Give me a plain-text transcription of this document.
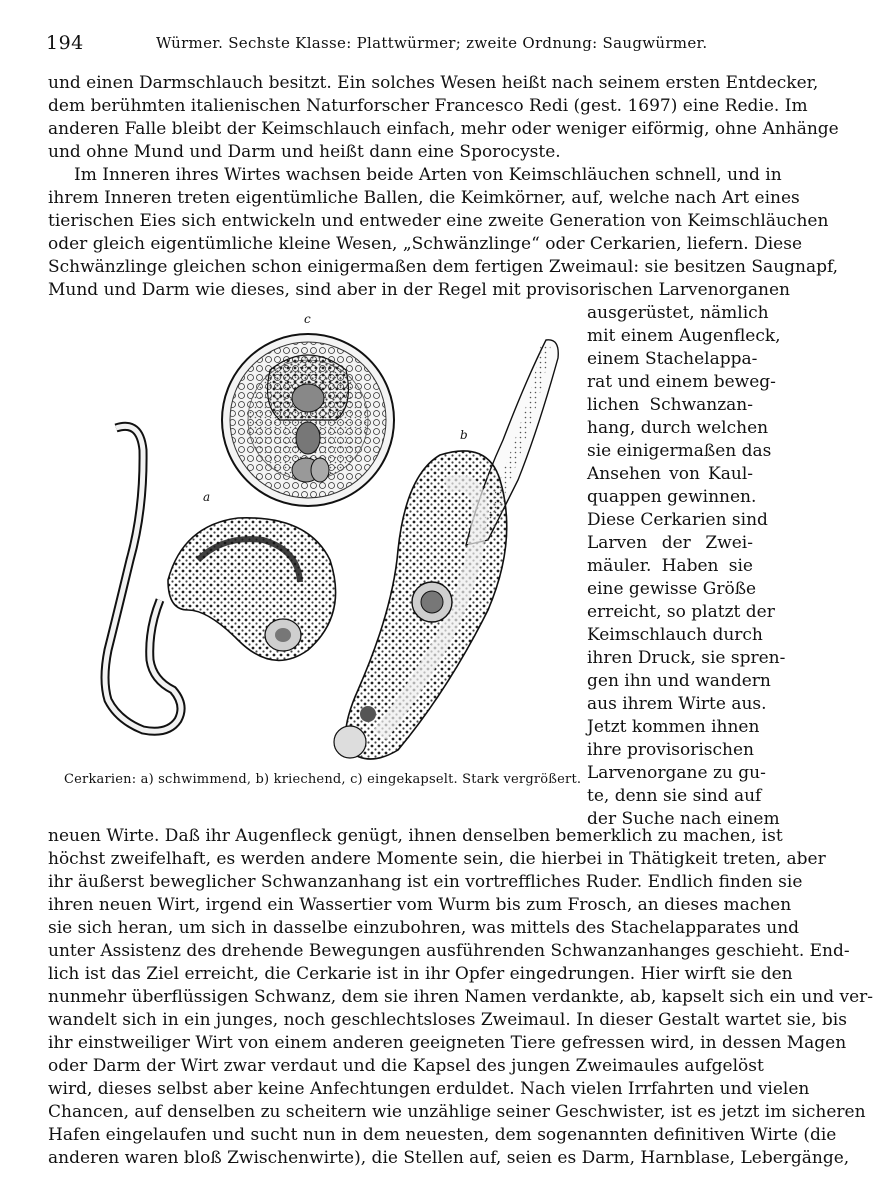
194	Würmer. Sechste Klasse: Plattwürmer; zweite Ordnung: Saugwürmer.
und einen Darmschlauch besitzt. Ein solches Wesen heißt nach seinem ersten Entdecker,
dem berühmten italienischen Naturforscher Francesco Redi (gest. 1697) eine Redie. Im
anderen Falle bleibt der Keimschlauch einfach, mehr oder weniger eiförmig, ohne Anhänge
und ohne Mund und Darm und heißt dann eine Sporocyste.
Im Inneren ihres Wirtes wachsen beide Arten von Keimschläuchen schnell, und in
ihrem Inneren treten eigentümliche Ballen, die Keimkörner, auf, welche nach Art eines
tierischen Eies sich entwickeln und entweder eine zweite Generation von Keimschläuchen
oder gleich eigentümliche kleine Wesen, „Schwänzlinge“ oder Cerkarien, liefern. Diese
Schwänzlinge gleichen schon einigermaßen dem fertigen Zweimaul: sie besitzen Saugnapf,
Mund und Darm wie dieses, sind aber in der Regel mit provisorischen Larvenorganen
ausgerüstet, nämlich
mit einem Augenfleck,
einem Stachelappa-
rat und einem beweg-
lichen Schwanzan-
hang, durch welchen
sie einigermaßen das
Ansehen von Kaul-
quappen gewinnen.
Diese Cerkarien sind
Larven der Zwei-
mäuler. Haben sie
eine gewisse Größe
erreicht, so platzt der
Keimschlauch durch
ihren Druck, sie spren-
gen ihn und wandern
aus ihrem Wirte aus.
Jetzt kommen ihnen
ihre provisorischen
Larvenorgane zu gu-
te, denn sie sind auf
der Suche nach einem
c
b
a
Cerkarien: a) schwimmend, b) kriechend, c) eingekapselt. Stark vergrößert.
neuen Wirte. Daß ihr Augenfleck genügt, ihnen denselben bemerklich zu machen, ist
höchst zweifelhaft, es werden andere Momente sein, die hierbei in Thätigkeit treten, aber
ihr äußerst beweglicher Schwanzanhang ist ein vortreffliches Ruder. Endlich finden sie
ihren neuen Wirt, irgend ein Wassertier vom Wurm bis zum Frosch, an dieses machen
sie sich heran, um sich in dasselbe einzubohren, was mittels des Stachelapparates und
unter Assistenz des drehende Bewegungen ausführenden Schwanzanhanges geschieht. End-
lich ist das Ziel erreicht, die Cerkarie ist in ihr Opfer eingedrungen. Hier wirft sie den
nunmehr überflüssigen Schwanz, dem sie ihren Namen verdankte, ab, kapselt sich ein und ver-
wandelt sich in ein junges, noch geschlechtsloses Zweimaul. In dieser Gestalt wartet sie, bis
ihr einstweiliger Wirt von einem anderen geeigneten Tiere gefressen wird, in dessen Magen
oder Darm der Wirt zwar verdaut und die Kapsel des jungen Zweimaules aufgelöst
wird, dieses selbst aber keine Anfechtungen erduldet. Nach vielen Irrfahrten und vielen
Chancen, auf denselben zu scheitern wie unzählige seiner Geschwister, ist es jetzt im sicheren
Hafen eingelaufen und sucht nun in dem neuesten, dem sogenannten definitiven Wirte (die
anderen waren bloß Zwischenwirte), die Stellen auf, seien es Darm, Harnblase, Lebergänge,
